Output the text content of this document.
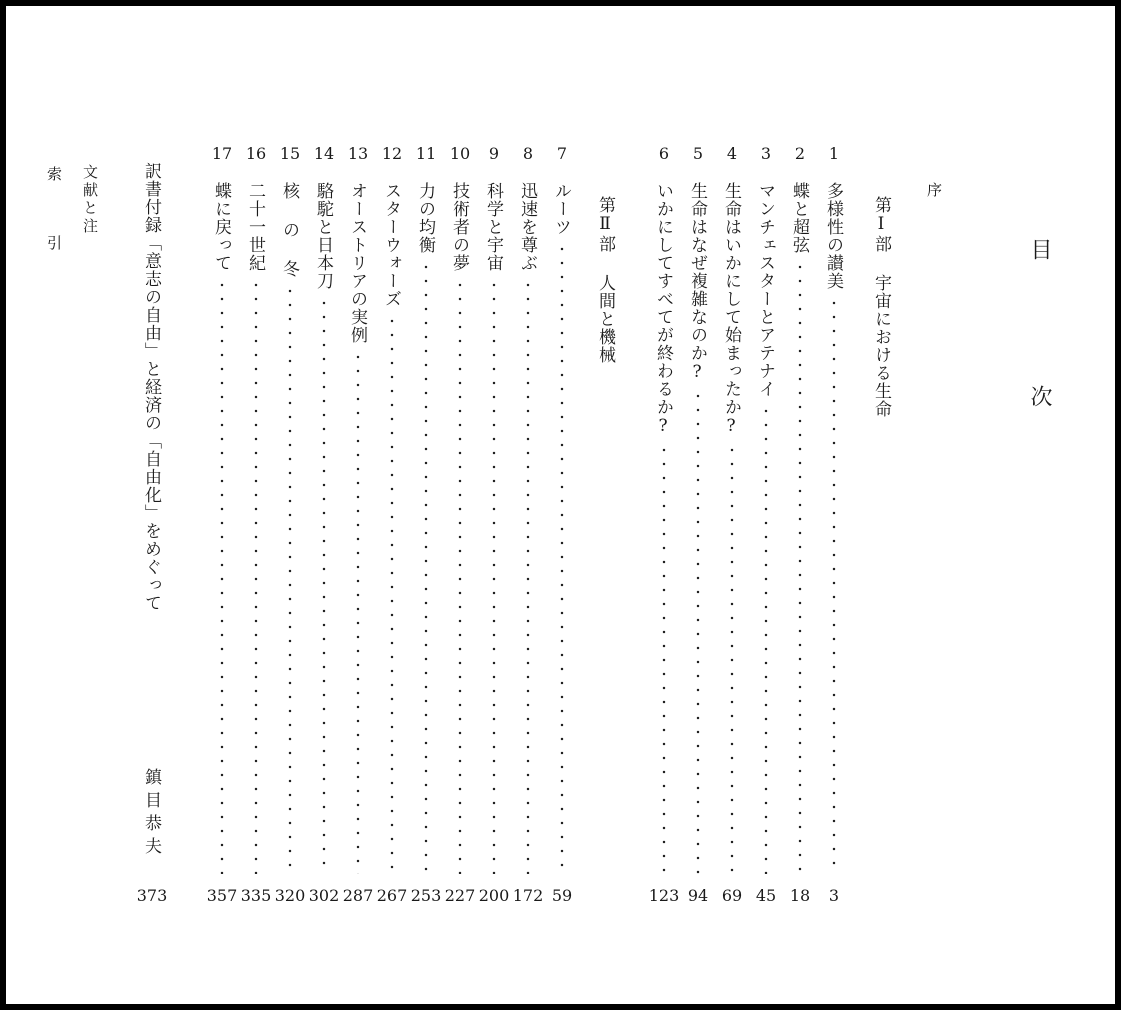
目 次
序
第Ⅰ部 宇宙における生命
第Ⅱ部 人間と機械
1
多様性の讃美
3
2
蝶と超弦
18
3
マンチェスターとアテナイ
45
4
生命はいかにして始まったか?
69
5
生命はなぜ複雑なのか?
94
6
いかにしてすべてが終わるか?
123
7
ルーツ
59
8
迅速を尊ぶ
172
9
科学と宇宙
200
10
技術者の夢
227
11
力の均衡
253
12
スターウォーズ
267
13
オーストリアの実例
287
14
駱駝と日本刀
302
15
核 の 冬
320
16
二十一世紀
335
17
蝶に戻って
357
訳書付録「意志の自由」と経済の「自由化」をめぐって
鎮目恭夫
373
文献と注
索 引
